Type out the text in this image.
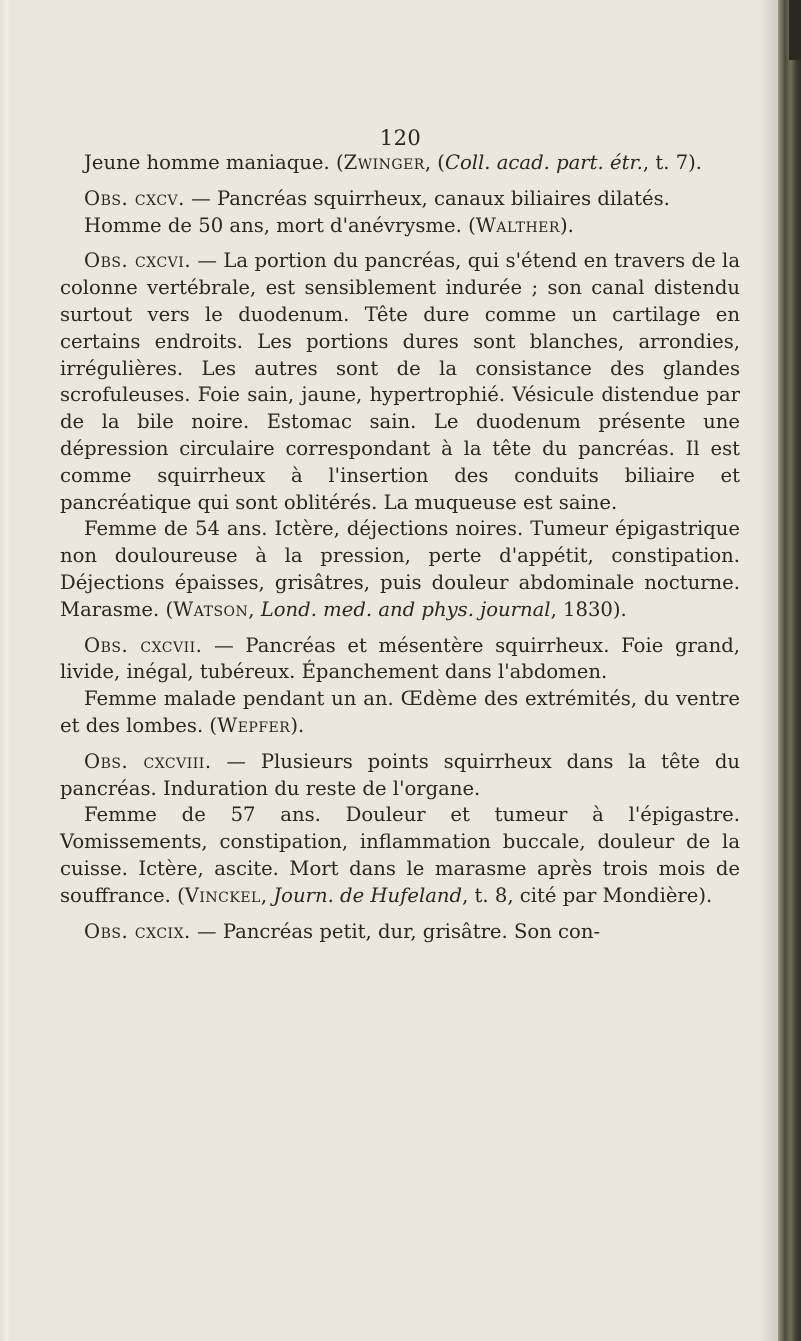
120

Jeune homme maniaque. (Zwinger, (Coll. acad. part. étr., t. 7).

Obs. cxcv. — Pancréas squirrheux, canaux biliaires dilatés.

Homme de 50 ans, mort d'anévrysme. (Walther).

Obs. cxcvi. — La portion du pancréas, qui s'étend en travers de la colonne vertébrale, est sensiblement indurée ; son canal distendu surtout vers le duodenum. Tête dure comme un cartilage en certains endroits. Les portions dures sont blanches, arrondies, irrégulières. Les autres sont de la consistance des glandes scrofuleuses. Foie sain, jaune, hypertrophié. Vésicule distendue par de la bile noire. Estomac sain. Le duodenum présente une dépression circulaire correspondant à la tête du pancréas. Il est comme squirrheux à l'insertion des conduits biliaire et pancréatique qui sont oblitérés. La muqueuse est saine.

Femme de 54 ans. Ictère, déjections noires. Tumeur épigastrique non douloureuse à la pression, perte d'appétit, constipation. Déjections épaisses, grisâtres, puis douleur abdominale nocturne. Marasme. (Watson, Lond. med. and phys. journal, 1830).

Obs. cxcvii. — Pancréas et mésentère squirrheux. Foie grand, livide, inégal, tubéreux. Épanchement dans l'abdomen.

Femme malade pendant un an. Œdème des extrémités, du ventre et des lombes. (Wepfer).

Obs. cxcviii. — Plusieurs points squirrheux dans la tête du pancréas. Induration du reste de l'organe.

Femme de 57 ans. Douleur et tumeur à l'épigastre. Vomissements, constipation, inflammation buccale, douleur de la cuisse. Ictère, ascite. Mort dans le marasme après trois mois de souffrance. (Vinckel, Journ. de Hufeland, t. 8, cité par Mondière).

Obs. cxcix. — Pancréas petit, dur, grisâtre. Son con-
